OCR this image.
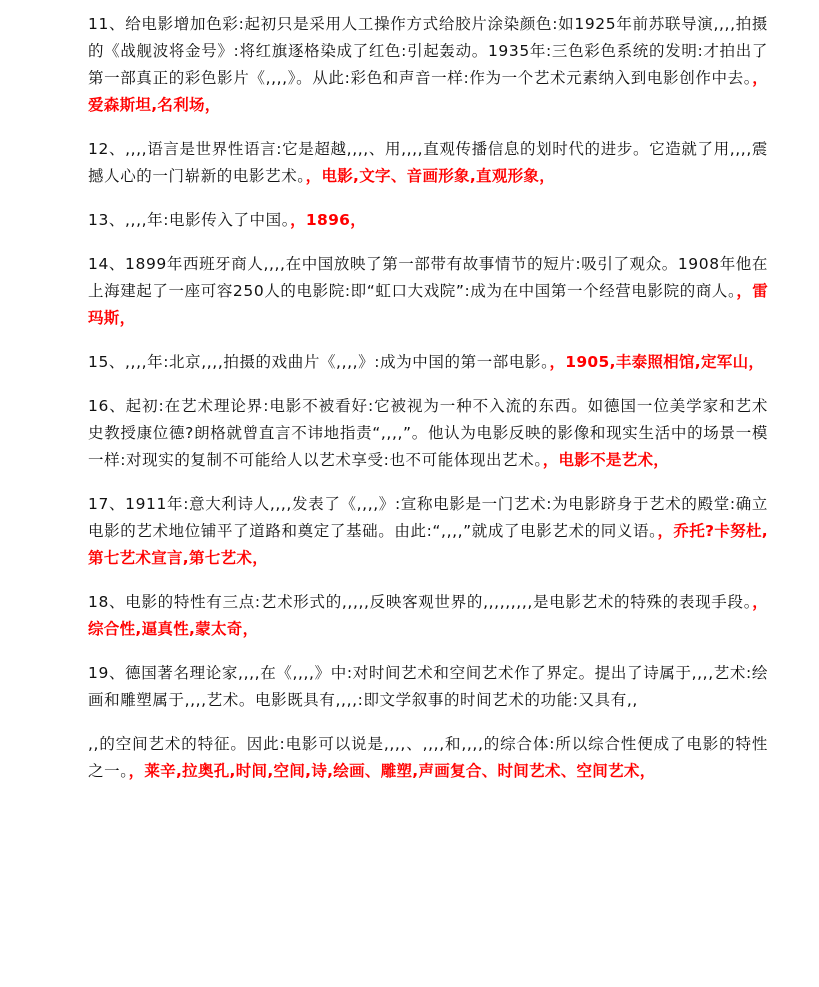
11、给电影增加色彩:起初只是采用人工操作方式给胶片涂染颜色:如1925年前苏联导演,,,,拍摄的《战舰波将金号》:将红旗逐格染成了红色:引起轰动。1935年:三色彩色系统的发明:才拍出了第一部真正的彩色影片《,,,,》。从此:彩色和声音一样:作为一个艺术元素纳入到电影创作中去。，爱森斯坦,名利场，

12、,,,,语言是世界性语言:它是超越,,,,、用,,,,直观传播信息的划时代的进步。它造就了用,,,,震撼人心的一门崭新的电影艺术。，电影,文字、音画形象,直观形象，

13、,,,,年:电影传入了中国。，1896，

14、1899年西班牙商人,,,,在中国放映了第一部带有故事情节的短片:吸引了观众。1908年他在上海建起了一座可容250人的电影院:即“虹口大戏院”:成为在中国第一个经营电影院的商人。，雷玛斯，

15、,,,,年:北京,,,,拍摄的戏曲片《,,,,》:成为中国的第一部电影。，1905,丰泰照相馆,定军山，

16、起初:在艺术理论界:电影不被看好:它被视为一种不入流的东西。如德国一位美学家和艺术史教授康位德?朗格就曾直言不讳地指责“,,,,”。他认为电影反映的影像和现实生活中的场景一模一样:对现实的复制不可能给人以艺术享受:也不可能体现出艺术。，电影不是艺术，

17、1911年:意大利诗人,,,,发表了《,,,,》:宣称电影是一门艺术:为电影跻身于艺术的殿堂:确立电影的艺术地位铺平了道路和奠定了基础。由此:“,,,,”就成了电影艺术的同义语。，乔托?卡努杜,第七艺术宣言,第七艺术，

18、电影的特性有三点:艺术形式的,,,,,反映客观世界的,,,,,,,,,是电影艺术的特殊的表现手段。，综合性,逼真性,蒙太奇，

19、德国著名理论家,,,,在《,,,,》中:对时间艺术和空间艺术作了界定。提出了诗属于,,,,艺术:绘画和雕塑属于,,,,艺术。电影既具有,,,,:即文学叙事的时间艺术的功能:又具有,,

,,的空间艺术的特征。因此:电影可以说是,,,,、,,,,和,,,,的综合体:所以综合性便成了电影的特性之一。，莱辛,拉奥孔,时间,空间,诗,绘画、雕塑,声画复合、时间艺术、空间艺术，
